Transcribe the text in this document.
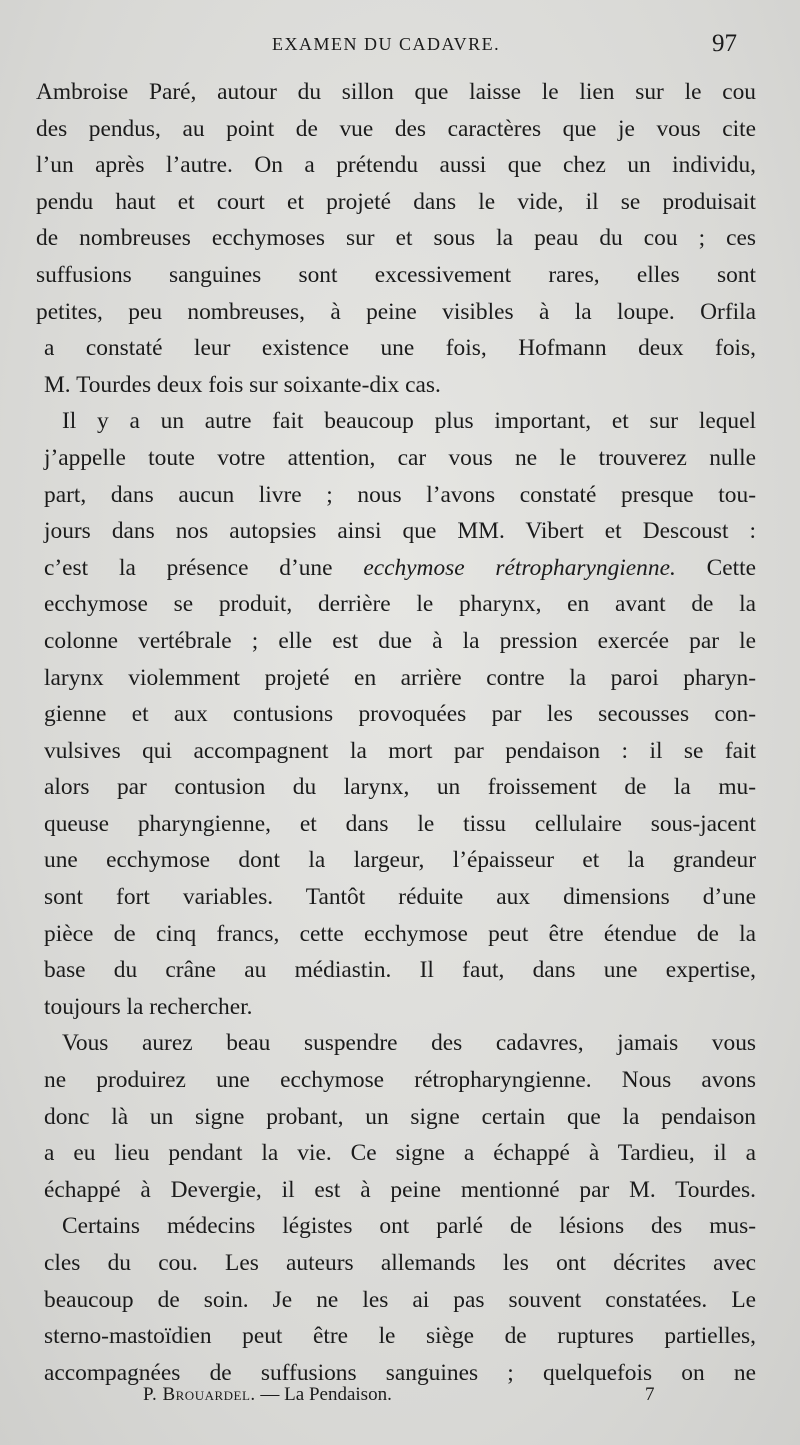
EXAMEN DU CADAVRE.	97
Ambroise Paré, autour du sillon que laisse le lien sur le cou
des pendus, au point de vue des caractères que je vous cite
l’un après l’autre. On a prétendu aussi que chez un individu,
pendu haut et court et projeté dans le vide, il se produisait
de nombreuses ecchymoses sur et sous la peau du cou ; ces
suffusions sanguines sont excessivement rares, elles sont
petites, peu nombreuses, à peine visibles à la loupe. Orfila
a constaté leur existence une fois, Hofmann deux fois,
M. Tourdes deux fois sur soixante-dix cas.
Il y a un autre fait beaucoup plus important, et sur lequel
j’appelle toute votre attention, car vous ne le trouverez nulle
part, dans aucun livre ; nous l’avons constaté presque tou-
jours dans nos autopsies ainsi que MM. Vibert et Descoust :
c’est la présence d’une ecchymose rétropharyngienne. Cette
ecchymose se produit, derrière le pharynx, en avant de la
colonne vertébrale ; elle est due à la pression exercée par le
larynx violemment projeté en arrière contre la paroi pharyn-
gienne et aux contusions provoquées par les secousses con-
vulsives qui accompagnent la mort par pendaison : il se fait
alors par contusion du larynx, un froissement de la mu-
queuse pharyngienne, et dans le tissu cellulaire sous-jacent
une ecchymose dont la largeur, l’épaisseur et la grandeur
sont fort variables. Tantôt réduite aux dimensions d’une
pièce de cinq francs, cette ecchymose peut être étendue de la
base du crâne au médiastin. Il faut, dans une expertise,
toujours la rechercher.
Vous aurez beau suspendre des cadavres, jamais vous
ne produirez une ecchymose rétropharyngienne. Nous avons
donc là un signe probant, un signe certain que la pendaison
a eu lieu pendant la vie. Ce signe a échappé à Tardieu, il a
échappé à Devergie, il est à peine mentionné par M. Tourdes.
Certains médecins légistes ont parlé de lésions des mus-
cles du cou. Les auteurs allemands les ont décrites avec
beaucoup de soin. Je ne les ai pas souvent constatées. Le
sterno-mastoïdien peut être le siège de ruptures partielles,
accompagnées de suffusions sanguines ; quelquefois on ne
P. Brouardel. — La Pendaison.	7
